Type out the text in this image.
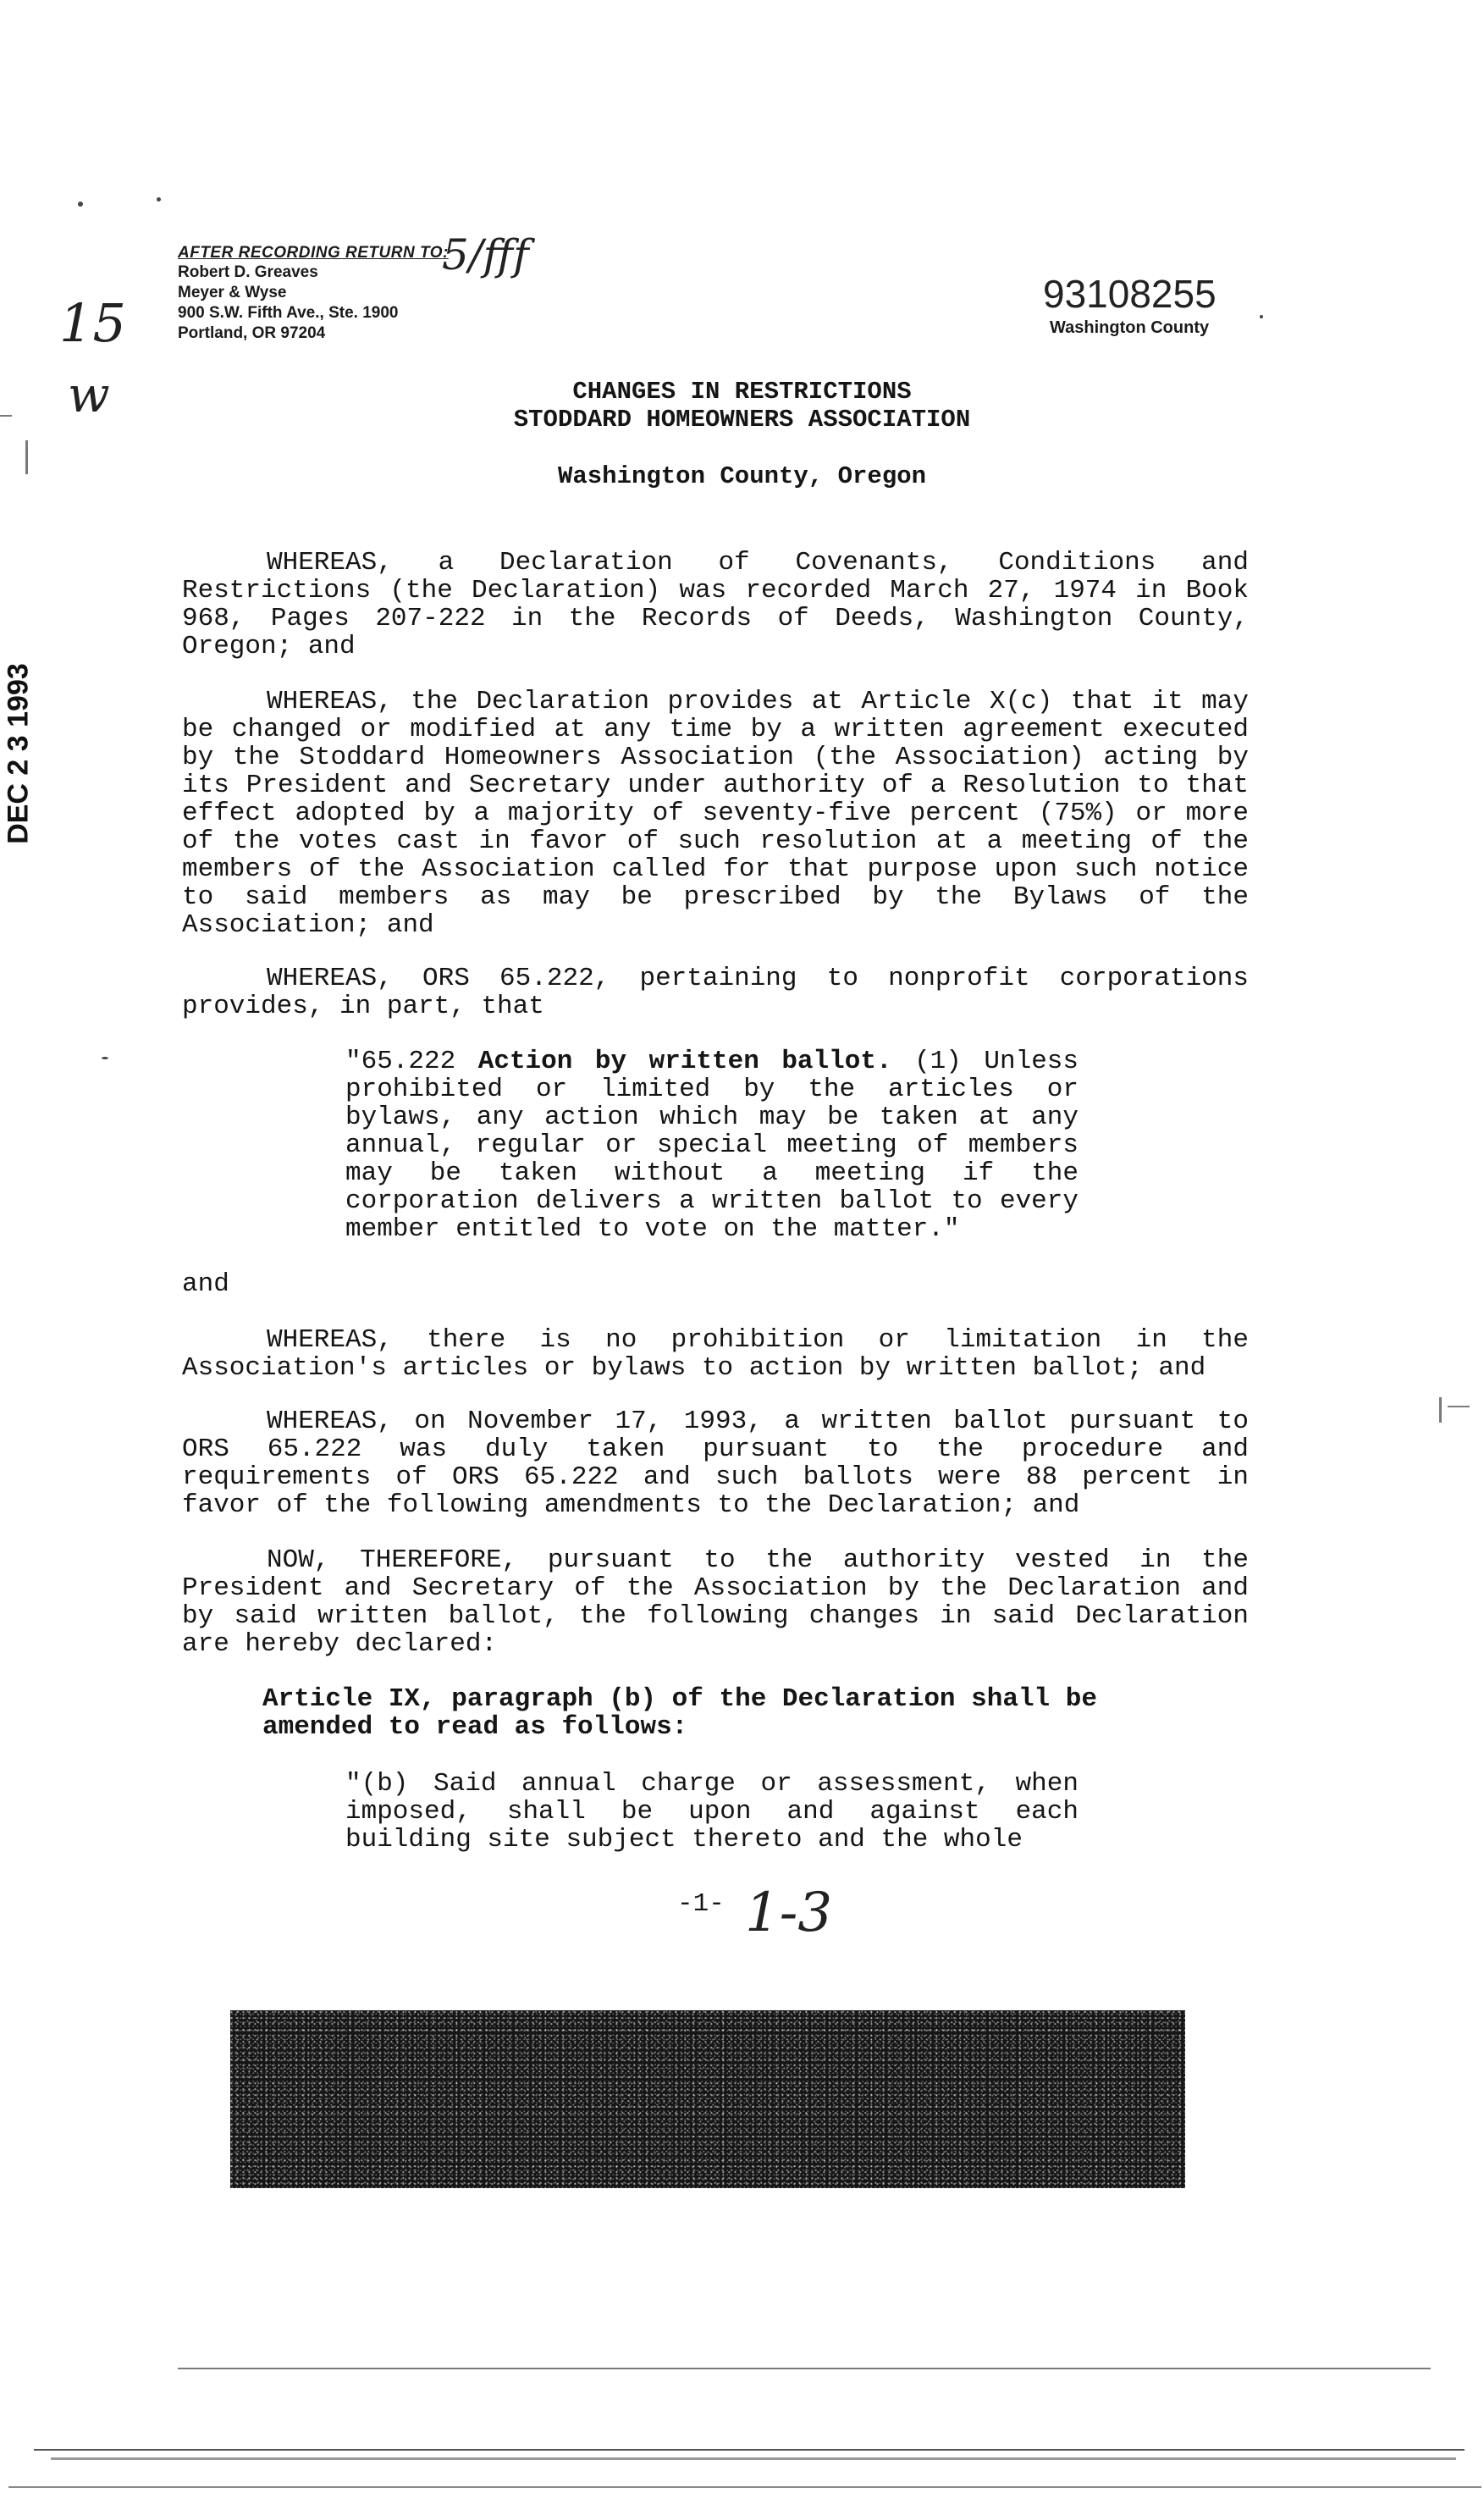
15
w
AFTER RECORDING RETURN TO:
Robert D. Greaves
Meyer & Wyse
900 S.W. Fifth Ave., Ste. 1900
Portland, OR 97204
5/fff
93108255
Washington County
DEC 2 3 1993
CHANGES IN RESTRICTIONS
STODDARD HOMEOWNERS ASSOCIATION
Washington County, Oregon
WHEREAS, a Declaration of Covenants, Conditions and Restrictions (the Declaration) was recorded March 27, 1974 in Book 968, Pages 207-222 in the Records of Deeds, Washington County, Oregon; and
WHEREAS, the Declaration provides at Article X(c) that it may be changed or modified at any time by a written agreement executed by the Stoddard Homeowners Association (the Association) acting by its President and Secretary under authority of a Resolution to that effect adopted by a majority of seventy-five percent (75%) or more of the votes cast in favor of such resolution at a meeting of the members of the Association called for that purpose upon such notice to said members as may be prescribed by the Bylaws of the Association; and
WHEREAS, ORS 65.222, pertaining to nonprofit corporations provides, in part, that
"65.222 Action by written ballot. (1) Unless prohibited or limited by the articles or bylaws, any action which may be taken at any annual, regular or special meeting of members may be taken without a meeting if the corporation delivers a written ballot to every member entitled to vote on the matter."
and
WHEREAS, there is no prohibition or limitation in the Association's articles or bylaws to action by written ballot; and
WHEREAS, on November 17, 1993, a written ballot pursuant to ORS 65.222 was duly taken pursuant to the procedure and requirements of ORS 65.222 and such ballots were 88 percent in favor of the following amendments to the Declaration; and
NOW, THEREFORE, pursuant to the authority vested in the President and Secretary of the Association by the Declaration and by said written ballot, the following changes in said Declaration are hereby declared:
Article IX, paragraph (b) of the Declaration shall be amended to read as follows:
"(b) Said annual charge or assessment, when imposed, shall be upon and against each building site subject thereto and the whole
-1- 1-3
